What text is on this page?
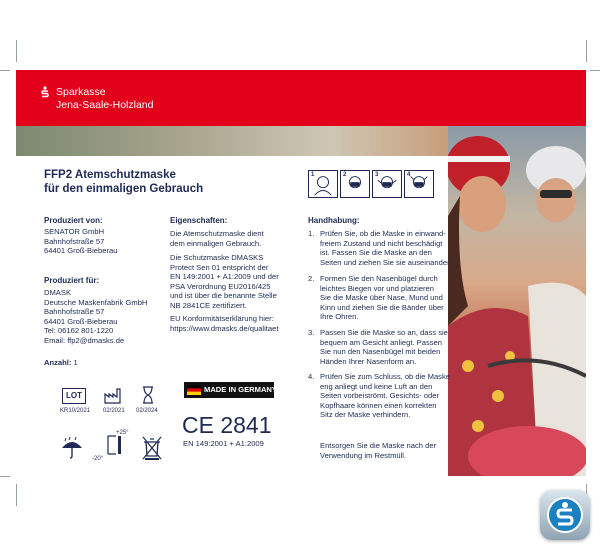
Sparkasse
Jena-Saale-Holzland
FFP2 Atemschutzmaske
für den einmaligen Gebrauch
Produziert von:
SENATOR GmbH
Bahnhofstraße 57
64401 Groß-Bieberau
Produziert für:
DMASK
Deutsche Maskenfabrik GmbH
Bahnhofstraße 57
64401 Groß-Bieberau
Tel: 06162 801-1220
Email: ffp2@dmasks.de
Anzahl: 1
LOT
KR10/2021 02/2021 02/2024
+25°
-20°
Eigenschaften:
Die Atemschutzmaske dient
dem einmaligen Gebrauch.
Die Schutzmaske DMASKS
Protect Sen 01 entspricht der
EN 149:2001 + A1:2009 und der
PSA Verordnung EU2016/425
und ist über die benannte Stelle
NB 2841CE zertifiziert.
EU Konformitätserklärung hier:
https://www.dmasks.de/qualitaet
MADE IN GERMANY
CE 2841
EN 149:2001 + A1:2009
1	2	3	4
Handhabung:
1. Prüfen Sie, ob die Maske in einwand-
freiem Zustand und nicht beschädigt
ist. Fassen Sie die Maske an den
Seiten und ziehen Sie sie auseinander.
2. Formen Sie den Nasenbügel durch
leichtes Biegen vor und platzieren
Sie die Maske über Nase, Mund und
Kinn und ziehen Sie die Bänder über
Ihre Ohren.
3. Passen Sie die Maske so an, dass sie
bequem am Gesicht anliegt. Passen
Sie nun den Nasenbügel mit beiden
Händen Ihrer Nasenform an.
4. Prüfen Sie zum Schluss, ob die Maske
eng anliegt und keine Luft an den
Seiten vorbeiströmt. Gesichts- oder
Kopfhaare können einen korrekten
Sitz der Maske verhindern.
Entsorgen Sie die Maske nach der
Verwendung im Restmüll.
